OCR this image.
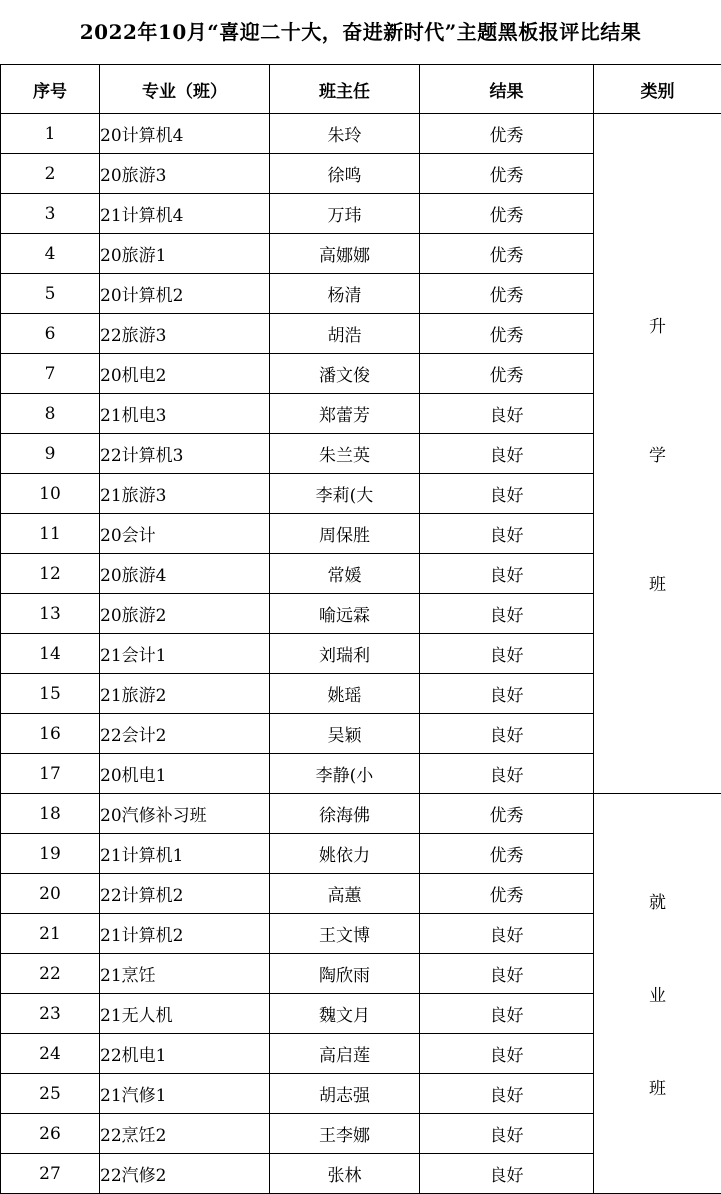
2022年10月“喜迎二十大，奋进新时代”主题黑板报评比结果
序号	专业（班）	班主任	结果	类别
1	20计算机4	朱玲	优秀	升
学
班

2	20旅游3	徐鸣	优秀	
3	21计算机4	万玮	优秀	
4	20旅游1	高娜娜	优秀	
5	20计算机2	杨清	优秀	
6	22旅游3	胡浩	优秀	
7	20机电2	潘文俊	优秀	
8	21机电3	郑蕾芳	良好	
9	22计算机3	朱兰英	良好	
10	21旅游3	李莉(大	良好	
11	20会计	周保胜	良好	
12	20旅游4	常媛	良好	
13	20旅游2	喻远霖	良好	
14	21会计1	刘瑞利	良好	
15	21旅游2	姚瑶	良好	
16	22会计2	吴颖	良好	
17	20机电1	李静(小	良好	
18	20汽修补习班	徐海佛	优秀	就
业
班

19	21计算机1	姚依力	优秀	
20	22计算机2	高蕙	优秀	
21	21计算机2	王文博	良好	
22	21烹饪	陶欣雨	良好	
23	21无人机	魏文月	良好	
24	22机电1	高启莲	良好	
25	21汽修1	胡志强	良好	
26	22烹饪2	王李娜	良好	
27	22汽修2	张林	良好	
